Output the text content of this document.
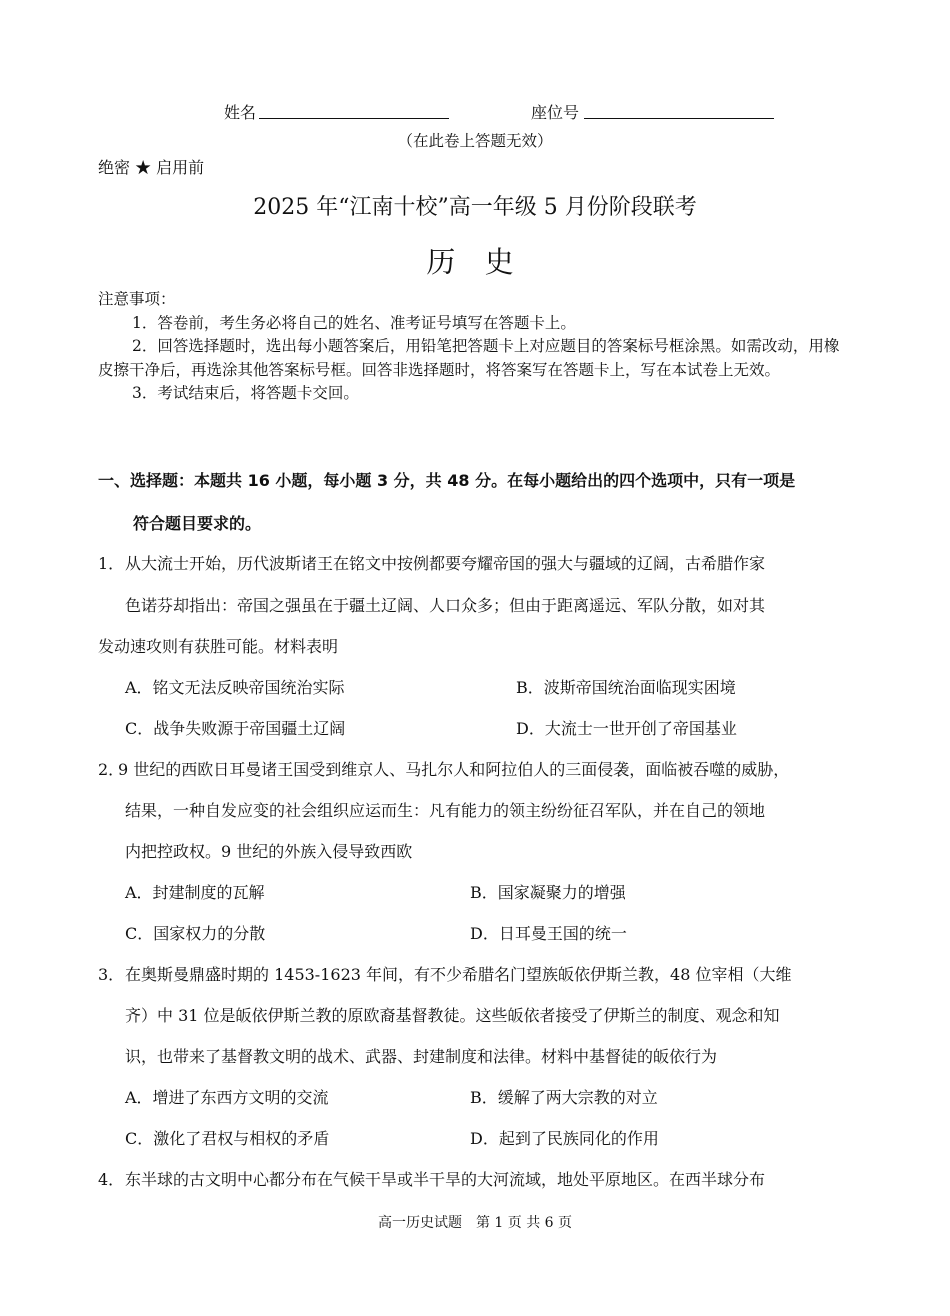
姓名	座位号
（在此卷上答题无效）
绝密 ★ 启用前
2025 年“江南十校”高一年级 5 月份阶段联考
历 史

注意事项：

1．答卷前，考生务必将自己的姓名、准考证号填写在答题卡上。

2．回答选择题时，选出每小题答案后，用铅笔把答题卡上对应题目的答案标号框涂黑。如需改动，用橡皮擦干净后，再选涂其他答案标号框。回答非选择题时，将答案写在答题卡上，写在本试卷上无效。

3．考试结束后，将答题卡交回。

一、选择题：本题共 16 小题，每小题 3 分，共 48 分。在每小题给出的四个选项中，只有一项是
符合题目要求的。
1． 从大流士开始，历代波斯诸王在铭文中按例都要夸耀帝国的强大与疆域的辽阔，古希腊作家
色诺芬却指出：帝国之强虽在于疆土辽阔、人口众多；但由于距离遥远、军队分散，如对其
发动速攻则有获胜可能。材料表明
A．铭文无法反映帝国统治实际	B．波斯帝国统治面临现实困境
C．战争失败源于帝国疆土辽阔	D．大流士一世开创了帝国基业
2．
9 世纪的西欧日耳曼诸王国受到维京人、马扎尔人和阿拉伯人的三面侵袭，面临被吞噬的威胁，
结果，一种自发应变的社会组织应运而生：凡有能力的领主纷纷征召军队，并在自己的领地
内把控政权。9 世纪的外族入侵导致西欧
A．封建制度的瓦解	B．国家凝聚力的增强
C．国家权力的分散	D．日耳曼王国的统一
3． 在奥斯曼鼎盛时期的 1453-1623 年间，有不少希腊名门望族皈依伊斯兰教，48 位宰相（大维
齐）中 31 位是皈依伊斯兰教的原欧裔基督教徒。这些皈依者接受了伊斯兰的制度、观念和知
识，也带来了基督教文明的战术、武器、封建制度和法律。材料中基督徒的皈依行为
A．增进了东西方文明的交流	B．缓解了两大宗教的对立
C．激化了君权与相权的矛盾	D．起到了民族同化的作用
4． 东半球的古文明中心都分布在气候干旱或半干旱的大河流域，地处平原地区。在西半球分布
高一历史试题　第 1 页 共 6 页
